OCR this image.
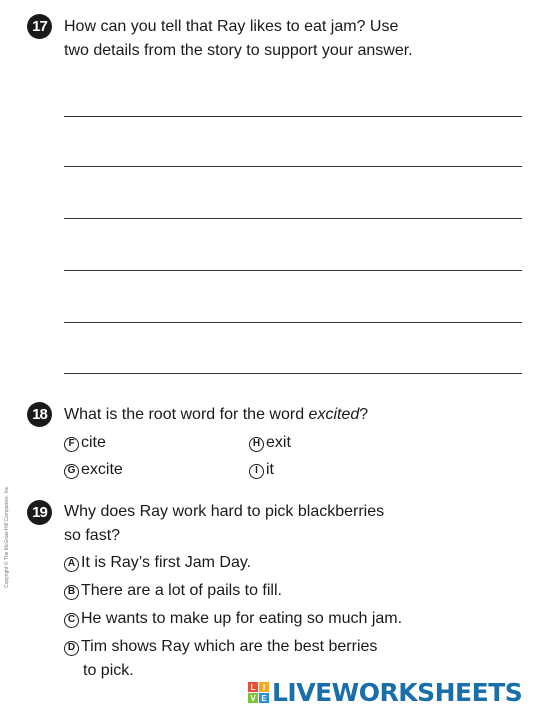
17	How can you tell that Ray likes to eat jam? Use
two details from the story to support your answer.
18	What is the root word for the word excited?
F cite	H exit
G excite	I it
19	Why does Ray work hard to pick blackberries
so fast?
A It is Ray’s first Jam Day.
B There are a lot of pails to fill.
C He wants to make up for eating so much jam.
D Tim shows Ray which are the best berries
to pick.
Copyright © The McGraw-Hill Companies, Inc.
L I
V E LIVEWORKSHEETS
